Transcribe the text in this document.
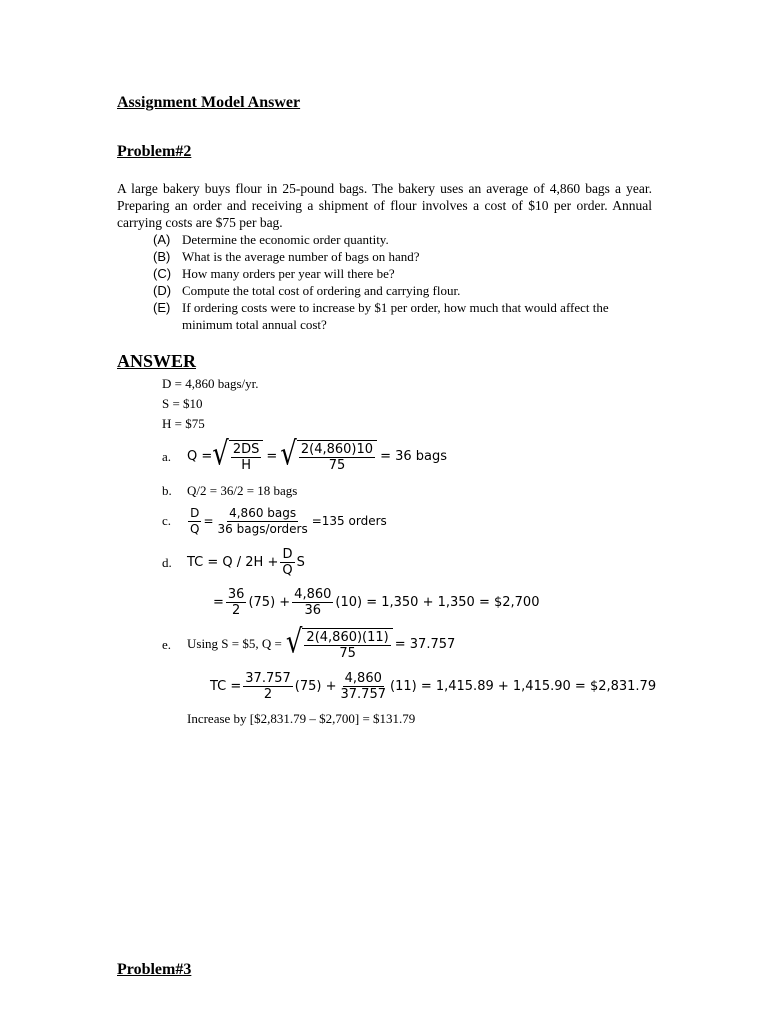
Assignment Model Answer
Problem#2
A large bakery buys flour in 25-pound bags. The bakery uses an average of 4,860 bags a year. Preparing an order and receiving a shipment of flour involves a cost of $10 per order. Annual carrying costs are $75 per bag.
(A) Determine the economic order quantity.
(B) What is the average number of bags on hand?
(C) How many orders per year will there be?
(D) Compute the total cost of ordering and carrying flour.
(E) If ordering costs were to increase by $1 per order, how much that would affect the minimum total annual cost?
ANSWER
D = 4,860 bags/yr.
S = $10
H = $75
a. Q = √ $\frac{2DS}{H}$ = √ $\frac{2(4,860)10}{75} = 36$ bags
b. Q/2 = 36/2 = 18 bags
c. $\frac{D}{Q} = \frac{\text{4,860 bags}}{\text{36 bags/orders}} =135$ orders
d. TC = $Q / 2H + \frac{D}{Q}$ S
= $\frac{36}{2} (75) + \frac{4,860}{36} (10) = 1,350 + 1,350$ = $2,700
e. Using S = $5, Q = √ $\frac{2(4,860)(11)}{75} = 37.757$
TC = $\frac{37.757}{2} (75) + \frac{4,860}{37.757} (11) = 1,415.89 + 1,415.90$ = $2,831.79
Increase by [$2,831.79 – $2,700] = $131.79
Problem#3
